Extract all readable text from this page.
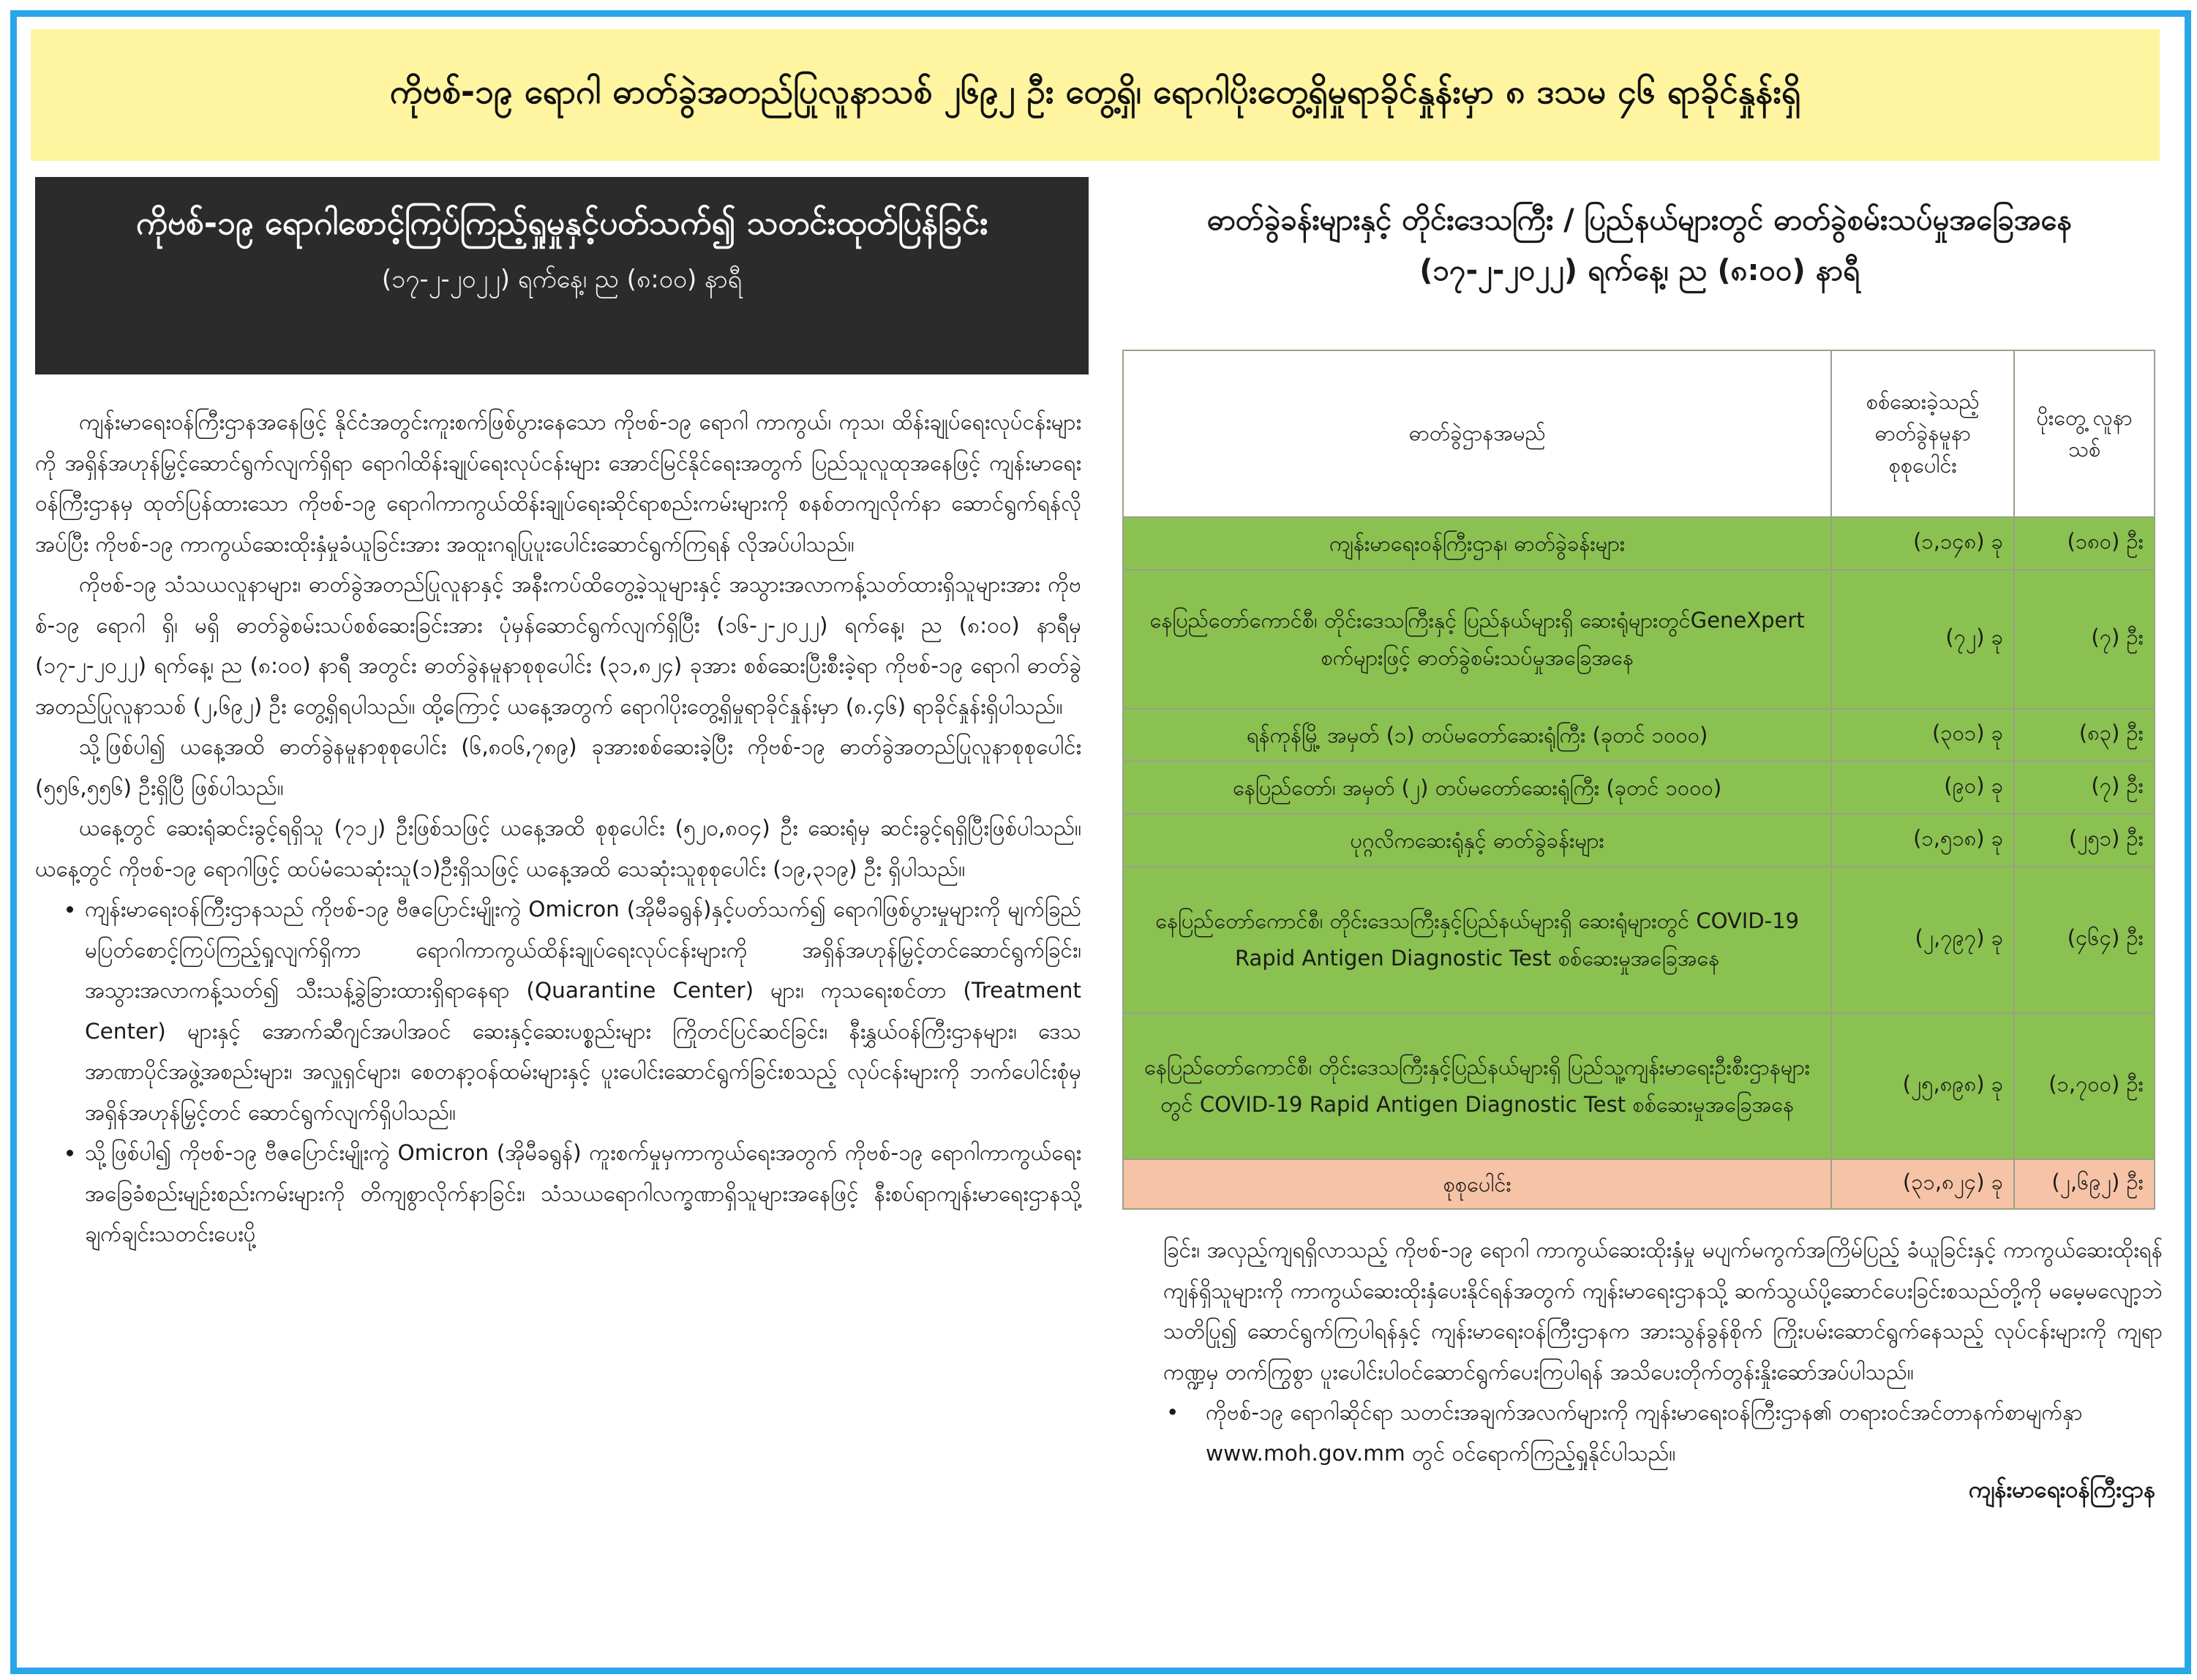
ကိုဗစ်-၁၉ ရောဂါ ဓာတ်ခွဲအတည်ပြုလူနာသစ် ၂၆၉၂ ဦး တွေ့ရှိ၊ ရောဂါပိုးတွေ့ရှိမှုရာခိုင်နှုန်းမှာ ၈ ဒသမ ၄၆ ရာခိုင်နှုန်းရှိ
ကိုဗစ်-၁၉ ရောဂါစောင့်ကြပ်ကြည့်ရှုမှုနှင့်ပတ်သက်၍ သတင်းထုတ်ပြန်ခြင်း
(၁၇-၂-၂၀၂၂) ရက်နေ့၊ ည (၈:၀၀) နာရီ

ကျန်းမာရေးဝန်ကြီးဌာနအနေဖြင့် နိုင်ငံအတွင်းကူးစက်ဖြစ်ပွားနေသော ကိုဗစ်-၁၉ ရောဂါ ကာကွယ်၊ ကုသ၊ ထိန်းချုပ်ရေးလုပ်ငန်းများကို အရှိန်အဟုန်မြှင့်ဆောင်ရွက်လျက်ရှိရာ ရောဂါထိန်းချုပ်ရေးလုပ်ငန်းများ အောင်မြင်နိုင်ရေးအတွက် ပြည်သူလူထုအနေဖြင့် ကျန်းမာရေးဝန်ကြီးဌာနမှ ထုတ်ပြန်ထားသော ကိုဗစ်-၁၉ ရောဂါကာကွယ်ထိန်းချုပ်ရေးဆိုင်ရာစည်းကမ်းများကို စနစ်တကျလိုက်နာ ဆောင်ရွက်ရန်လိုအပ်ပြီး ကိုဗစ်-၁၉ ကာကွယ်ဆေးထိုးနှံမှုခံယူခြင်းအား အထူးဂရုပြုပူးပေါင်းဆောင်ရွက်ကြရန် လိုအပ်ပါသည်။

ကိုဗစ်-၁၉ သံသယလူနာများ၊ ဓာတ်ခွဲအတည်ပြုလူနာနှင့် အနီးကပ်ထိတွေ့ခဲ့သူများနှင့် အသွားအလာကန့်သတ်ထားရှိသူများအား ကိုဗစ်-၁၉ ရောဂါ ရှိ၊ မရှိ ဓာတ်ခွဲစမ်းသပ်စစ်ဆေးခြင်းအား ပုံမှန်ဆောင်ရွက်လျက်ရှိပြီး (၁၆-၂-၂၀၂၂) ရက်နေ့၊ ည (၈:၀၀) နာရီမှ (၁၇-၂-၂၀၂၂) ရက်နေ့၊ ည (၈:၀၀) နာရီ အတွင်း ဓာတ်ခွဲနမူနာစုစုပေါင်း (၃၁,၈၂၄) ခုအား စစ်ဆေးပြီးစီးခဲ့ရာ ကိုဗစ်-၁၉ ရောဂါ ဓာတ်ခွဲအတည်ပြုလူနာသစ် (၂,၆၉၂) ဦး တွေ့ရှိရပါသည်။ ထို့ကြောင့် ယနေ့အတွက် ရောဂါပိုးတွေ့ရှိမှုရာခိုင်နှုန်းမှာ (၈.၄၆) ရာခိုင်နှုန်းရှိပါသည်။

သို့ဖြစ်ပါ၍ ယနေ့အထိ ဓာတ်ခွဲနမူနာစုစုပေါင်း (၆,၈၀၆,၇၈၉) ခုအားစစ်ဆေးခဲ့ပြီး ကိုဗစ်-၁၉ ဓာတ်ခွဲအတည်ပြုလူနာစုစုပေါင်း (၅၅၆,၅၅၆) ဦးရှိပြီ ဖြစ်ပါသည်။

ယနေ့တွင် ဆေးရုံဆင်းခွင့်ရရှိသူ (၇၁၂) ဦးဖြစ်သဖြင့် ယနေ့အထိ စုစုပေါင်း (၅၂၀,၈၀၄) ဦး ဆေးရုံမှ ဆင်းခွင့်ရရှိပြီးဖြစ်ပါသည်။ ယနေ့တွင် ကိုဗစ်-၁၉ ရောဂါဖြင့် ထပ်မံသေဆုံးသူ(၁)ဦးရှိသဖြင့် ယနေ့အထိ သေဆုံးသူစုစုပေါင်း (၁၉,၃၁၉) ဦး ရှိပါသည်။

• ကျန်းမာရေးဝန်ကြီးဌာနသည် ကိုဗစ်-၁၉ ဗီဇပြောင်းမျိုးကွဲ Omicron (အိုမီခရွန်)နှင့်ပတ်သက်၍ ရောဂါဖြစ်ပွားမှုများကို မျက်ခြည်မပြတ်စောင့်ကြပ်ကြည့်ရှုလျက်ရှိကာ ရောဂါကာကွယ်ထိန်းချုပ်ရေးလုပ်ငန်းများကို အရှိန်အဟုန်မြှင့်တင်ဆောင်ရွက်ခြင်း၊ အသွားအလာကန့်သတ်၍ သီးသန့်ခွဲခြားထားရှိရာနေရာ (Quarantine Center) များ၊ ကုသရေးစင်တာ (Treatment Center) များနှင့် အောက်ဆီဂျင်အပါအဝင် ဆေးနှင့်ဆေးပစ္စည်းများ ကြိုတင်ပြင်ဆင်ခြင်း၊ နီးနွှယ်ဝန်ကြီးဌာနများ၊ ဒေသအာဏာပိုင်အဖွဲ့အစည်းများ၊ အလှူရှင်များ၊ စေတနာ့ဝန်ထမ်းများနှင့် ပူးပေါင်းဆောင်ရွက်ခြင်းစသည့် လုပ်ငန်းများကို ဘက်ပေါင်းစုံမှ အရှိန်အဟုန်မြှင့်တင် ဆောင်ရွက်လျက်ရှိပါသည်။
• သို့ဖြစ်ပါ၍ ကိုဗစ်-၁၉ ဗီဇပြောင်းမျိုးကွဲ Omicron (အိုမီခရွန်) ကူးစက်မှုမှကာကွယ်ရေးအတွက် ကိုဗစ်-၁၉ ရောဂါကာကွယ်ရေး အခြေခံစည်းမျဉ်းစည်းကမ်းများကို တိကျစွာလိုက်နာခြင်း၊ သံသယရောဂါလက္ခဏာရှိသူများအနေဖြင့် နီးစပ်ရာကျန်းမာရေးဌာနသို့ ချက်ချင်းသတင်းပေးပို့
ဓာတ်ခွဲခန်းများနှင့် တိုင်းဒေသကြီး / ပြည်နယ်များတွင် ဓာတ်ခွဲစမ်းသပ်မှုအခြေအနေ
(၁၇-၂-၂၀၂၂) ရက်နေ့၊ ည (၈:၀၀) နာရီ
ဓာတ်ခွဲဌာနအမည်	စစ်ဆေးခဲ့သည့် ဓာတ်ခွဲနမူနာ စုစုပေါင်း	ပိုးတွေ့ လူနာသစ်
ကျန်းမာရေးဝန်ကြီးဌာန၊ ဓာတ်ခွဲခန်းများ	(၁,၁၄၈) ခု	(၁၈၀) ဦး
နေပြည်တော်ကောင်စီ၊ တိုင်းဒေသကြီးနှင့် ပြည်နယ်များရှိ ဆေးရုံများတွင်GeneXpert စက်များဖြင့် ဓာတ်ခွဲစမ်းသပ်မှုအခြေအနေ	(၇၂) ခု	(၇) ဦး
ရန်ကုန်မြို့ အမှတ် (၁) တပ်မတော်ဆေးရုံကြီး (ခုတင် ၁၀၀၀)	(၃၀၁) ခု	(၈၃) ဦး
နေပြည်တော်၊ အမှတ် (၂) တပ်မတော်ဆေးရုံကြီး (ခုတင် ၁၀၀၀)	(၉၀) ခု	(၇) ဦး
ပုဂ္ဂလိကဆေးရုံနှင့် ဓာတ်ခွဲခန်းများ	(၁,၅၁၈) ခု	(၂၅၁) ဦး
နေပြည်တော်ကောင်စီ၊ တိုင်းဒေသကြီးနှင့်ပြည်နယ်များရှိ ဆေးရုံများတွင် COVID-19 Rapid Antigen Diagnostic Test စစ်ဆေးမှုအခြေအနေ	(၂,၇၉၇) ခု	(၄၆၄) ဦး
နေပြည်တော်ကောင်စီ၊ တိုင်းဒေသကြီးနှင့်ပြည်နယ်များရှိ ပြည်သူ့ကျန်းမာရေးဦးစီးဌာနများတွင် COVID-19 Rapid Antigen Diagnostic Test စစ်ဆေးမှုအခြေအနေ	(၂၅,၈၉၈) ခု	(၁,၇၀၀) ဦး
စုစုပေါင်း	(၃၁,၈၂၄) ခု	(၂,၆၉၂) ဦး

ခြင်း၊ အလှည့်ကျရရှိလာသည့် ကိုဗစ်-၁၉ ရောဂါ ကာကွယ်ဆေးထိုးနှံမှု မပျက်မကွက်အကြိမ်ပြည့် ခံယူခြင်းနှင့် ကာကွယ်ဆေးထိုးရန်ကျန်ရှိသူများကို ကာကွယ်ဆေးထိုးနှံပေးနိုင်ရန်အတွက် ကျန်းမာရေးဌာနသို့ ဆက်သွယ်ပို့ဆောင်ပေးခြင်းစသည်တို့ကို မမေ့မလျော့ဘဲသတိပြု၍ ဆောင်ရွက်ကြပါရန်နှင့် ကျန်းမာရေးဝန်ကြီးဌာနက အားသွန်ခွန်စိုက် ကြိုးပမ်းဆောင်ရွက်နေသည့် လုပ်ငန်းများကို ကျရာကဏ္ဍမှ တက်ကြွစွာ ပူးပေါင်းပါဝင်ဆောင်ရွက်ပေးကြပါရန် အသိပေးတိုက်တွန်းနှိုးဆော်အပ်ပါသည်။

• ကိုဗစ်-၁၉ ရောဂါဆိုင်ရာ သတင်းအချက်အလက်များကို ကျန်းမာရေးဝန်ကြီးဌာန၏ တရားဝင်အင်တာနက်စာမျက်နှာ www.moh.gov.mm တွင် ဝင်ရောက်ကြည့်ရှုနိုင်ပါသည်။
ကျန်းမာရေးဝန်ကြီးဌာန
